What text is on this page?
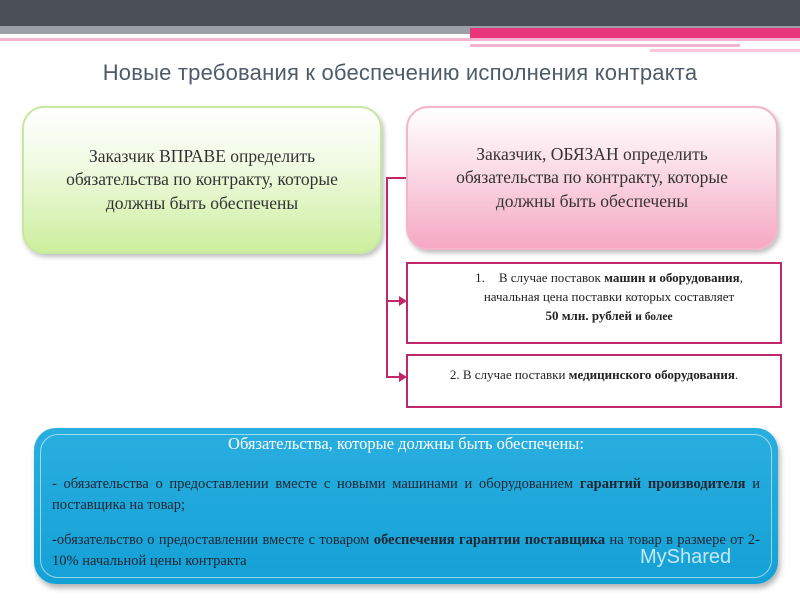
Новые требования к обеспечению исполнения контракта
Заказчик ВПРАВЕ определить обязательства по контракту, которые должны быть обеспечены
Заказчик, ОБЯЗАН определить обязательства по контракту, которые должны быть обеспечены
1. В случае поставок машин и оборудования, начальная цена поставки которых составляет
50 млн. рублей и более
2. В случае поставки медицинского оборудования.
Обязательства, которые должны быть обеспечены:
- обязательства о предоставлении вместе с новыми машинами и оборудованием гарантий производителя и поставщика на товар;
-обязательство о предоставлении вместе с товаром обеспечения гарантии поставщика на товар в размере от 2-10% начальной цены контракта	MyShared
